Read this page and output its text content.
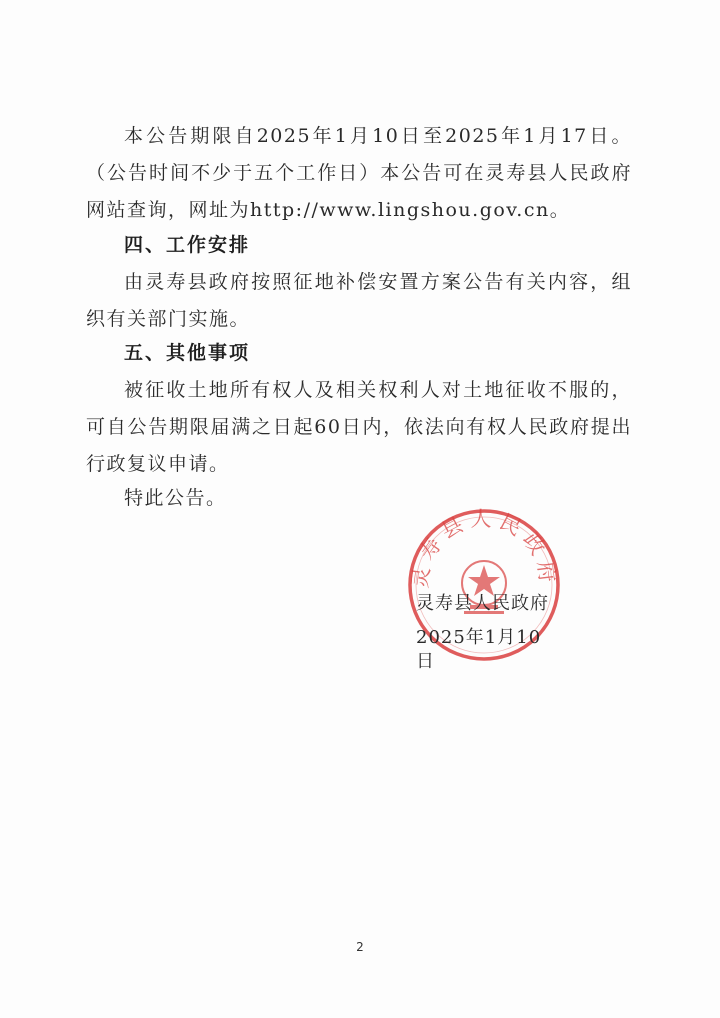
本公告期限自2025年1月10日至2025年1月17日。（公告时间不少于五个工作日）本公告可在灵寿县人民政府网站查询，网址为http://www.lingshou.gov.cn。

四、工作安排

由灵寿县政府按照征地补偿安置方案公告有关内容，组织有关部门实施。

五、其他事项

被征收土地所有权人及相关权利人对土地征收不服的，可自公告期限届满之日起60日内，依法向有权人民政府提出行政复议申请。

特此公告。

灵寿县人民政府
灵寿县人民政府
2025年1月10日
2
